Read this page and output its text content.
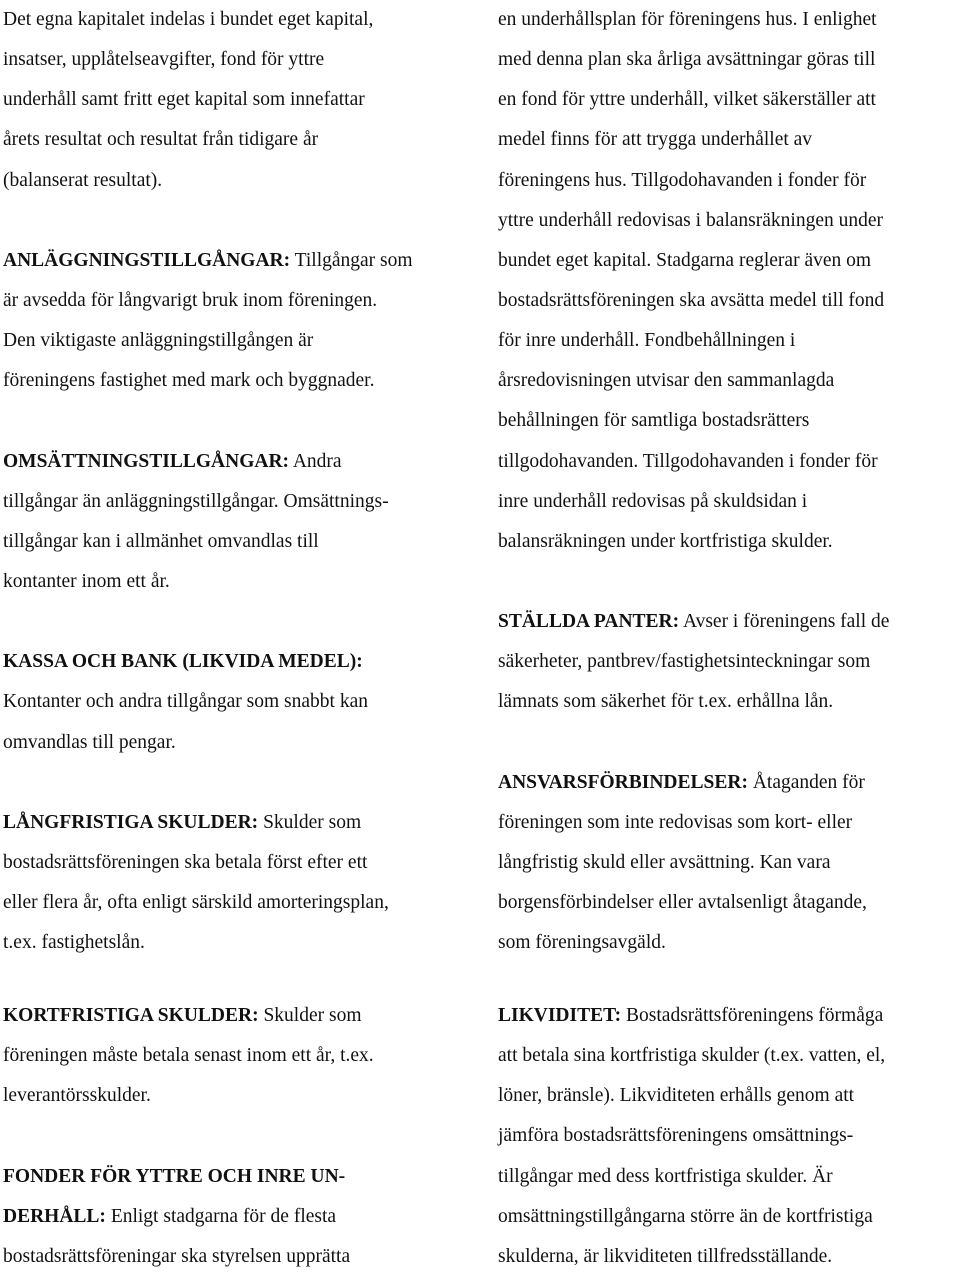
Det egna kapitalet indelas i bundet eget kapital,
insatser, upplåtelseavgifter, fond för yttre
underhåll samt fritt eget kapital som innefattar
årets resultat och resultat från tidigare år
(balanserat resultat).
ANLÄGGNINGSTILLGÅNGAR: Tillgångar som
är avsedda för långvarigt bruk inom föreningen.
Den viktigaste anläggningstillgången är
föreningens fastighet med mark och byggnader.
OMSÄTTNINGSTILLGÅNGAR: Andra
tillgångar än anläggningstillgångar. Omsättnings-
tillgångar kan i allmänhet omvandlas till
kontanter inom ett år.
KASSA OCH BANK (LIKVIDA MEDEL):
Kontanter och andra tillgångar som snabbt kan
omvandlas till pengar.
LÅNGFRISTIGA SKULDER: Skulder som
bostadsrättsföreningen ska betala först efter ett
eller flera år, ofta enligt särskild amorteringsplan,
t.ex. fastighetslån.
en underhållsplan för föreningens hus. I enlighet
med denna plan ska årliga avsättningar göras till
en fond för yttre underhåll, vilket säkerställer att
medel finns för att trygga underhållet av
föreningens hus. Tillgodohavanden i fonder för
yttre underhåll redovisas i balansräkningen under
bundet eget kapital. Stadgarna reglerar även om
bostadsrättsföreningen ska avsätta medel till fond
för inre underhåll. Fondbehållningen i
årsredovisningen utvisar den sammanlagda
behållningen för samtliga bostadsrätters
tillgodohavanden. Tillgodohavanden i fonder för
inre underhåll redovisas på skuldsidan i
balansräkningen under kortfristiga skulder.
STÄLLDA PANTER: Avser i föreningens fall de
säkerheter, pantbrev/fastighetsinteckningar som
lämnats som säkerhet för t.ex. erhållna lån.
ANSVARSFÖRBINDELSER: Åtaganden för
föreningen som inte redovisas som kort- eller
långfristig skuld eller avsättning. Kan vara
borgensförbindelser eller avtalsenligt åtagande,
som föreningsavgäld.
KORTFRISTIGA SKULDER: Skulder som
föreningen måste betala senast inom ett år, t.ex.
leverantörsskulder.
FONDER FÖR YTTRE OCH INRE UN-
DERHÅLL: Enligt stadgarna för de flesta
bostadsrättsföreningar ska styrelsen upprätta
LIKVIDITET: Bostadsrättsföreningens förmåga
att betala sina kortfristiga skulder (t.ex. vatten, el,
löner, bränsle). Likviditeten erhålls genom att
jämföra bostadsrättsföreningens omsättnings-
tillgångar med dess kortfristiga skulder. Är
omsättningstillgångarna större än de kortfristiga
skulderna, är likviditeten tillfredsställande.
